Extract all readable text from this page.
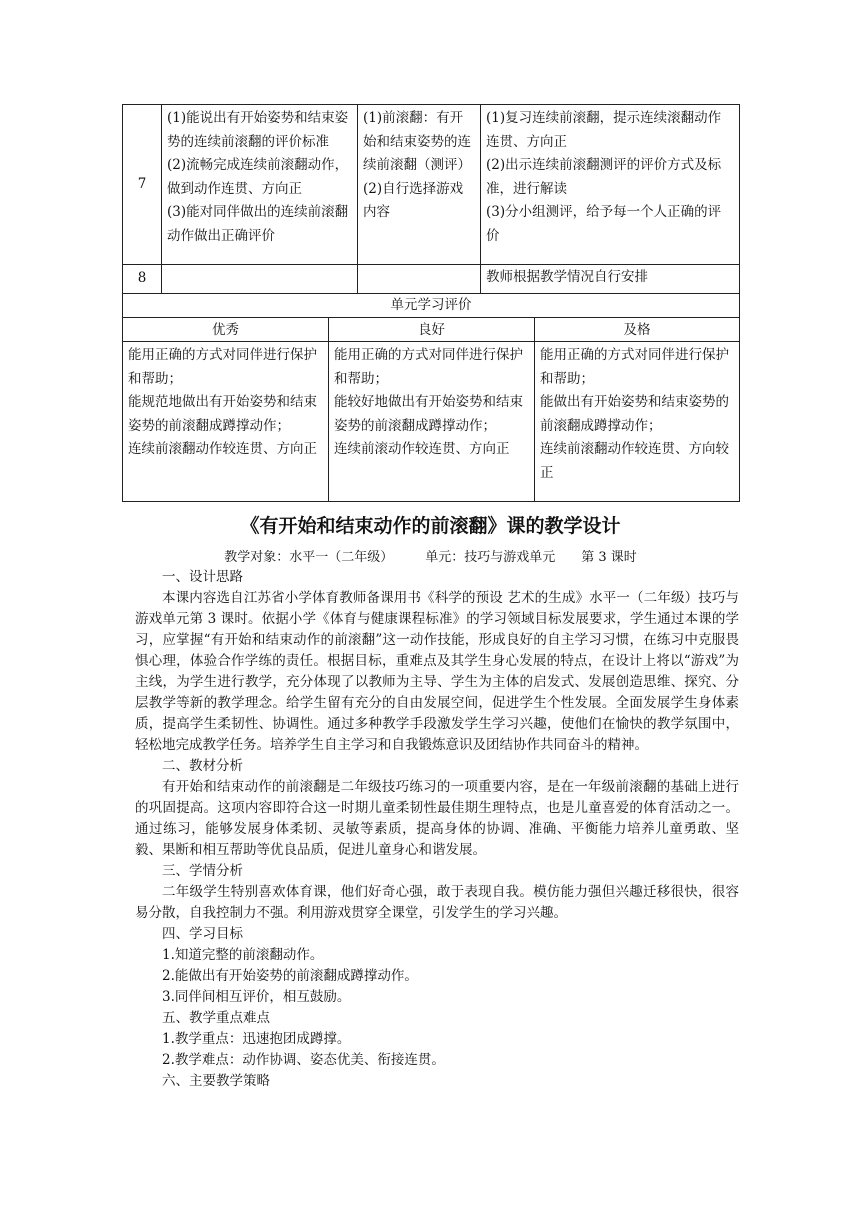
7	(1)能说出有开始姿势和结束姿势的连续前滚翻的评价标准
(2)流畅完成连续前滚翻动作，做到动作连贯、方向正
(3)能对同伴做出的连续前滚翻动作做出正确评价	(1)前滚翻：有开始和结束姿势的连续前滚翻（测评）
(2)自行选择游戏内容	(1)复习连续前滚翻，提示连续滚翻动作连贯、方向正
(2)出示连续前滚翻测评的评价方式及标准，进行解读
(3)分小组测评，给予每一个人正确的评价

8			教师根据教学情况自行安排
单元学习评价		
优秀	良好	及格

能用正确的方式对同伴进行保护和帮助；
能规范地做出有开始姿势和结束姿势的前滚翻成蹲撑动作；
连续前滚翻动作较连贯、方向正	能用正确的方式对同伴进行保护和帮助；
能较好地做出有开始姿势和结束姿势的前滚翻成蹲撑动作；
连续前滚动作较连贯、方向正	能用正确的方式对同伴进行保护和帮助；
能做出有开始姿势和结束姿势的前滚翻成蹲撑动作；
连续前滚翻动作较连贯、方向较正
《有开始和结束动作的前滚翻》课的教学设计
教学对象：水平一（二年级） 单元：技巧与游戏单元 第 3 课时

一、设计思路

本课内容选自江苏省小学体育教师备课用书《科学的预设 艺术的生成》水平一（二年级）技巧与游戏单元第 3 课时。依据小学《体育与健康课程标准》的学习领域目标发展要求，学生通过本课的学习，应掌握“有开始和结束动作的前滚翻”这一动作技能，形成良好的自主学习习惯，在练习中克服畏惧心理，体验合作学练的责任。根据目标，重难点及其学生身心发展的特点，在设计上将以“游戏”为主线，为学生进行教学，充分体现了以教师为主导、学生为主体的启发式、发展创造思维、探究、分层教学等新的教学理念。给学生留有充分的自由发展空间，促进学生个性发展。全面发展学生身体素质，提高学生柔韧性、协调性。通过多种教学手段激发学生学习兴趣，使他们在愉快的教学氛围中，轻松地完成教学任务。培养学生自主学习和自我锻炼意识及团结协作共同奋斗的精神。

二、教材分析

有开始和结束动作的前滚翻是二年级技巧练习的一项重要内容，是在一年级前滚翻的基础上进行的巩固提高。这项内容即符合这一时期儿童柔韧性最佳期生理特点，也是儿童喜爱的体育活动之一。通过练习，能够发展身体柔韧、灵敏等素质，提高身体的协调、准确、平衡能力培养儿童勇敢、坚毅、果断和相互帮助等优良品质，促进儿童身心和谐发展。

三、学情分析

二年级学生特别喜欢体育课，他们好奇心强，敢于表现自我。模仿能力强但兴趣迁移很快，很容易分散，自我控制力不强。利用游戏贯穿全课堂，引发学生的学习兴趣。

四、学习目标

1.知道完整的前滚翻动作。

2.能做出有开始姿势的前滚翻成蹲撑动作。

3.同伴间相互评价，相互鼓励。

五、教学重点难点

1.教学重点：迅速抱团成蹲撑。

2.教学难点：动作协调、姿态优美、衔接连贯。

六、主要教学策略
